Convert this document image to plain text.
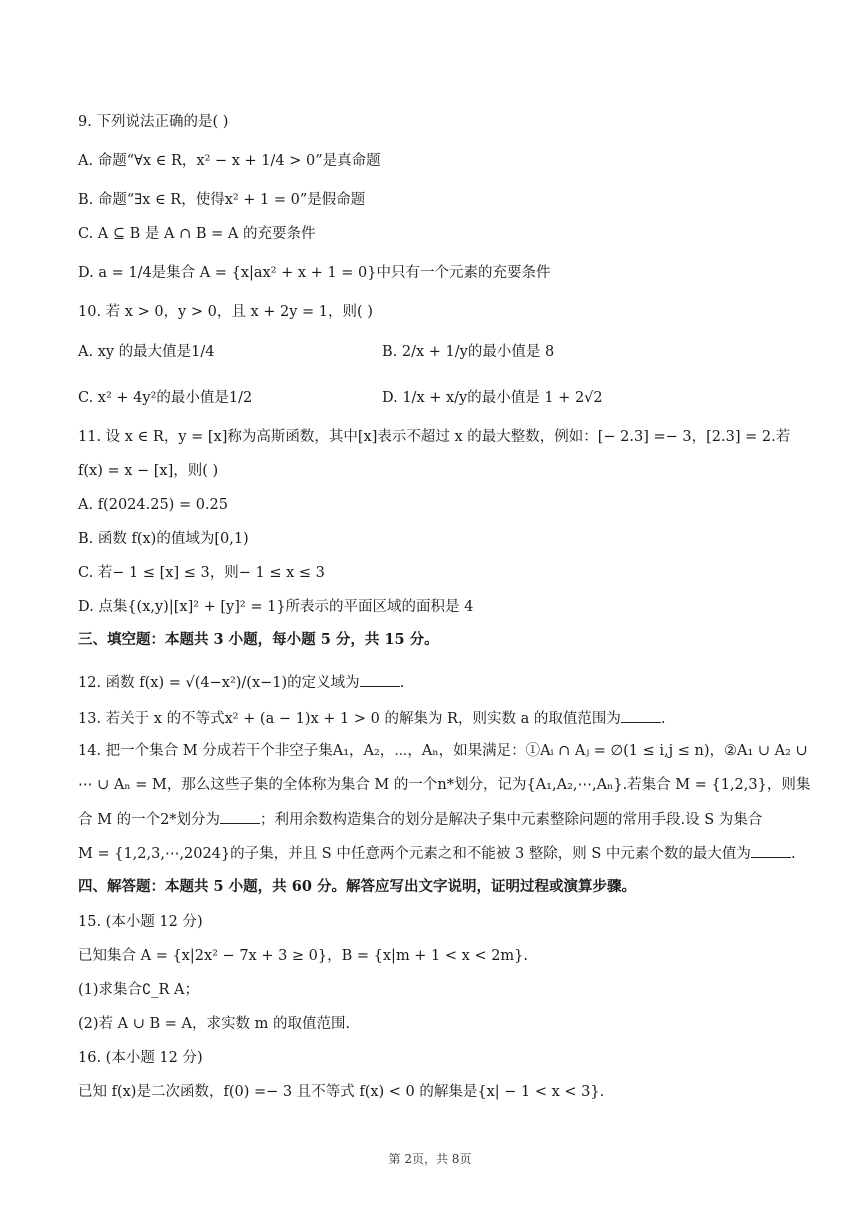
9. 下列说法正确的是( )
A. 命题“∀x ∈ R，x² − x + 1/4 > 0”是真命题
B. 命题“∃x ∈ R，使得x² + 1 = 0”是假命题
C. A ⊆ B 是 A ∩ B = A 的充要条件
D. a = 1/4是集合 A = {x|ax² + x + 1 = 0}中只有一个元素的充要条件
10. 若 x > 0，y > 0，且 x + 2y = 1，则( )
A. xy 的最大值是1/4	B. 2/x + 1/y的最小值是 8
C. x² + 4y²的最小值是1/2	D. 1/x + x/y的最小值是 1 + 2√2
11. 设 x ∈ R，y = [x]称为高斯函数，其中[x]表示不超过 x 的最大整数，例如：[− 2.3] =− 3，[2.3] = 2.若
f(x) = x − [x]，则( )
A. f(2024.25) = 0.25
B. 函数 f(x)的值域为[0,1)
C. 若− 1 ≤ [x] ≤ 3，则− 1 ≤ x ≤ 3
D. 点集{(x,y)|[x]² + [y]² = 1}所表示的平面区域的面积是 4
三、填空题：本题共 3 小题，每小题 5 分，共 15 分。
12. 函数 f(x) = √(4−x²)/(x−1)的定义域为	.
13. 若关于 x 的不等式x² + (a − 1)x + 1 > 0 的解集为 R，则实数 a 的取值范围为	.
14. 把一个集合 M 分成若干个非空子集A₁，A₂，⋯，Aₙ，如果满足：①Aᵢ ∩ Aⱼ = ∅(1 ≤ i,j ≤ n)，②A₁ ∪ A₂ ∪
⋯ ∪ Aₙ = M，那么这些子集的全体称为集合 M 的一个n*划分，记为{A₁,A₂,⋯,Aₙ}.若集合 M = {1,2,3}，则集
合 M 的一个2*划分为	；利用余数构造集合的划分是解决子集中元素整除问题的常用手段.设 S 为集合
M = {1,2,3,⋯,2024}的子集，并且 S 中任意两个元素之和不能被 3 整除，则 S 中元素个数的最大值为	.
四、解答题：本题共 5 小题，共 60 分。解答应写出文字说明，证明过程或演算步骤。
15. (本小题 12 分)
已知集合 A = {x|2x² − 7x + 3 ≥ 0}，B = {x|m + 1 < x < 2m}.
(1)求集合∁_R A；
(2)若 A ∪ B = A，求实数 m 的取值范围.
16. (本小题 12 分)
已知 f(x)是二次函数，f(0) =− 3 且不等式 f(x) < 0 的解集是{x| − 1 < x < 3}.
第 2页，共 8页
